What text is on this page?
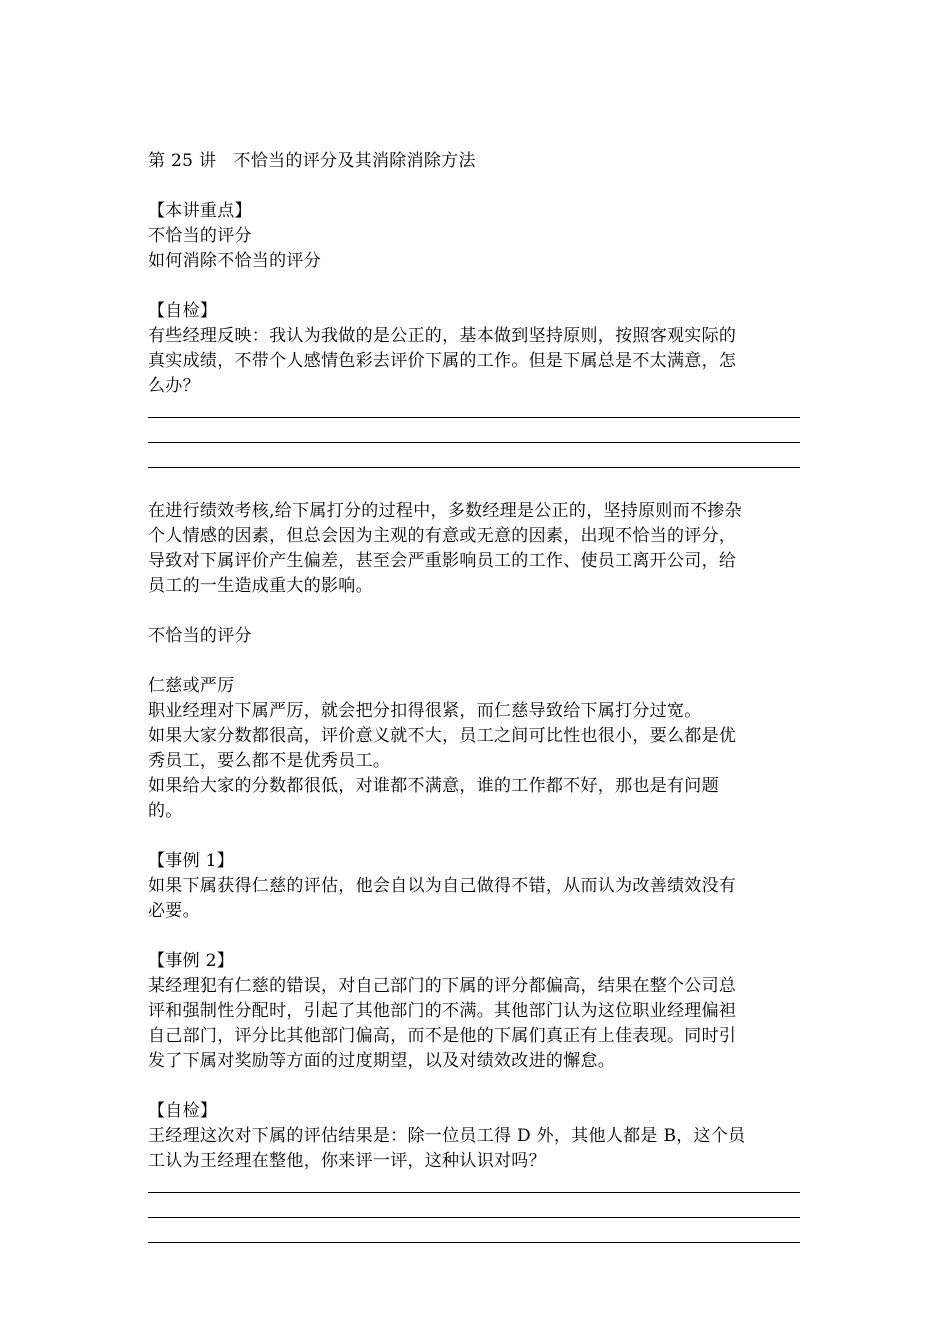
第 25 讲　不恰当的评分及其消除消除方法
【本讲重点】
不恰当的评分
如何消除不恰当的评分
【自检】
有些经理反映：我认为我做的是公正的，基本做到坚持原则，按照客观实际的
真实成绩，不带个人感情色彩去评价下属的工作。但是下属总是不太满意，怎
么办？
在进行绩效考核,给下属打分的过程中，多数经理是公正的，坚持原则而不掺杂
个人情感的因素，但总会因为主观的有意或无意的因素，出现不恰当的评分，
导致对下属评价产生偏差，甚至会严重影响员工的工作、使员工离开公司，给
员工的一生造成重大的影响。
不恰当的评分
仁慈或严厉
职业经理对下属严厉，就会把分扣得很紧，而仁慈导致给下属打分过宽。
如果大家分数都很高，评价意义就不大，员工之间可比性也很小，要么都是优
秀员工，要么都不是优秀员工。
如果给大家的分数都很低，对谁都不满意，谁的工作都不好，那也是有问题
的。
【事例 1】
如果下属获得仁慈的评估，他会自以为自己做得不错，从而认为改善绩效没有
必要。
【事例 2】
某经理犯有仁慈的错误，对自己部门的下属的评分都偏高，结果在整个公司总
评和强制性分配时，引起了其他部门的不满。其他部门认为这位职业经理偏袒
自己部门，评分比其他部门偏高，而不是他的下属们真正有上佳表现。同时引
发了下属对奖励等方面的过度期望，以及对绩效改进的懈怠。
【自检】
王经理这次对下属的评估结果是：除一位员工得 D 外，其他人都是 B，这个员
工认为王经理在整他，你来评一评，这种认识对吗？
